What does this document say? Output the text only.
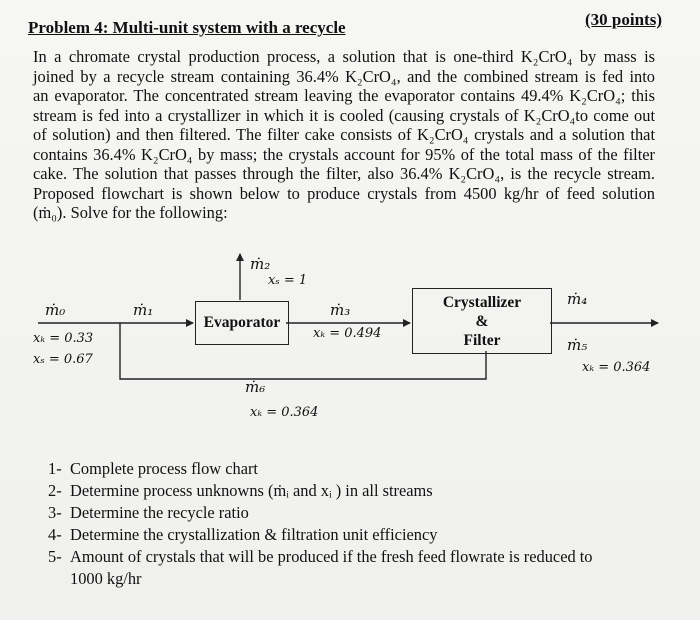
Problem 4: Multi-unit system with a recycle	(30 points)
In a chromate crystal production process, a solution that is one-third K₂CrO₄ by mass is
joined by a recycle stream containing 36.4% K₂CrO₄, and the combined stream is fed into
an evaporator. The concentrated stream leaving the evaporator contains 49.4% K₂CrO₄; this
stream is fed into a crystallizer in which it is cooled (causing crystals of K₂CrO₄to come out
of solution) and then filtered. The filter cake consists of K₂CrO₄ crystals and a solution that
contains 36.4% K₂CrO₄ by mass; the crystals account for 95% of the total mass of the filter
cake. The solution that passes through the filter, also 36.4% K₂CrO₄, is the recycle stream.
Proposed flowchart is shown below to produce crystals from 4500 kg/hr of feed solution
(ṁ₀). Solve for the following:
Evaporator
Crystallizer
&
Filter
ṁ₀
xₖ = 0.33
xₛ = 0.67
ṁ₁
ṁ₂
xₛ = 1
ṁ₃
xₖ = 0.494
ṁ₄
ṁ₅
xₖ = 0.364
ṁ₆
xₖ = 0.364
1- Complete process flow chart
2- Determine process unknowns (ṁᵢ and xᵢ ) in all streams
3- Determine the recycle ratio
4- Determine the crystallization & filtration unit efficiency
5- Amount of crystals that will be produced if the fresh feed flowrate is reduced to
1000 kg/hr
